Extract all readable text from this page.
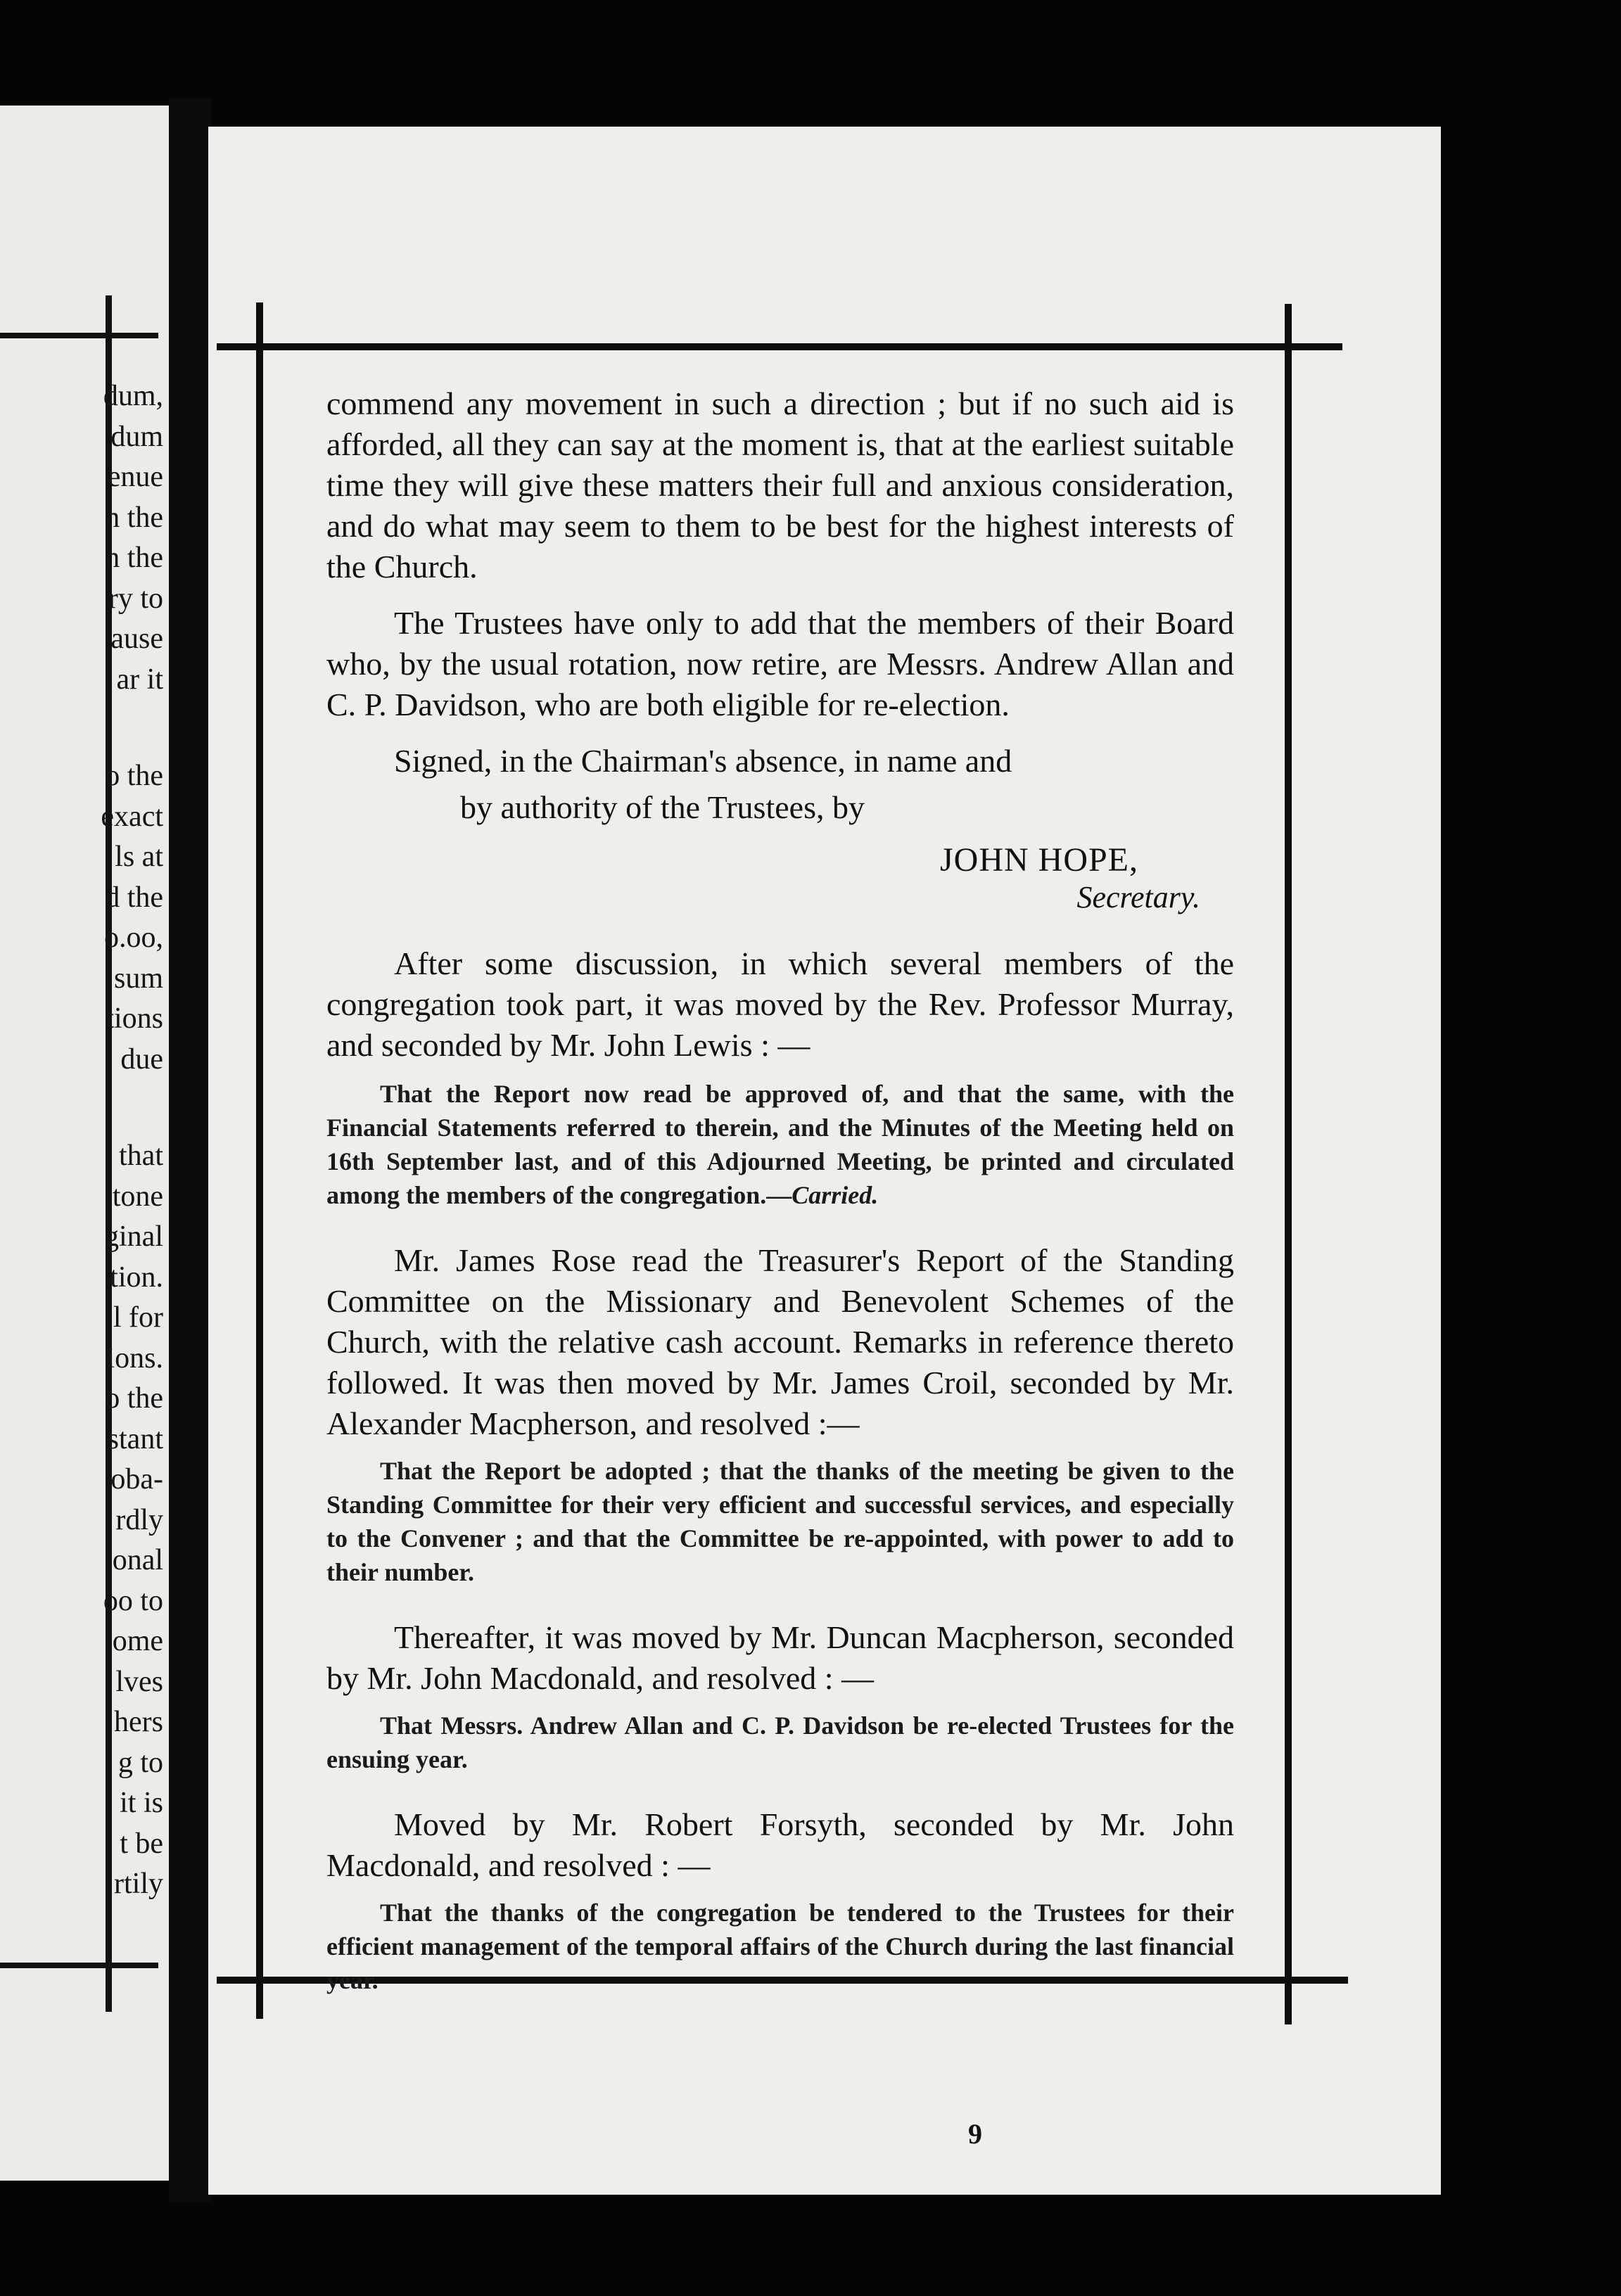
dum,
dum
enue
n the
n the
ry to
ause
ar it
o the
exact
ls at
d the
o.oo,
sum
tions
due
that
tone
ginal
tion.
l for
ions.
o the
stant
oba-
rdly
onal
oo to
ome
lves
hers
g to
it is
t be
rtily

commend any movement in such a direction ; but if no such aid is afforded, all they can say at the moment is, that at the earliest suitable time they will give these matters their full and anxious consideration, and do what may seem to them to be best for the highest interests of the Church.

The Trustees have only to add that the members of their Board who, by the usual rotation, now retire, are Messrs. Andrew Allan and C. P. Davidson, who are both eligible for re-election.

Signed, in the Chairman's absence, in name and

by authority of the Trustees, by

JOHN HOPE,

Secretary.

After some discussion, in which several members of the congregation took part, it was moved by the Rev. Professor Murray, and seconded by Mr. John Lewis : —

That the Report now read be approved of, and that the same, with the Financial Statements referred to therein, and the Minutes of the Meeting held on 16th September last, and of this Adjourned Meeting, be printed and circulated among the members of the congregation.—Carried.

Mr. James Rose read the Treasurer's Report of the Standing Committee on the Missionary and Benevolent Schemes of the Church, with the relative cash account. Remarks in reference thereto followed. It was then moved by Mr. James Croil, seconded by Mr. Alexander Macpherson, and resolved :—

That the Report be adopted ; that the thanks of the meeting be given to the Standing Committee for their very efficient and successful services, and especially to the Convener ; and that the Committee be re-appointed, with power to add to their number.

Thereafter, it was moved by Mr. Duncan Macpherson, seconded by Mr. John Macdonald, and resolved : —

That Messrs. Andrew Allan and C. P. Davidson be re-elected Trustees for the ensuing year.

Moved by Mr. Robert Forsyth, seconded by Mr. John Macdonald, and resolved : —

That the thanks of the congregation be tendered to the Trustees for their efficient management of the temporal affairs of the Church during the last financial year.

9
